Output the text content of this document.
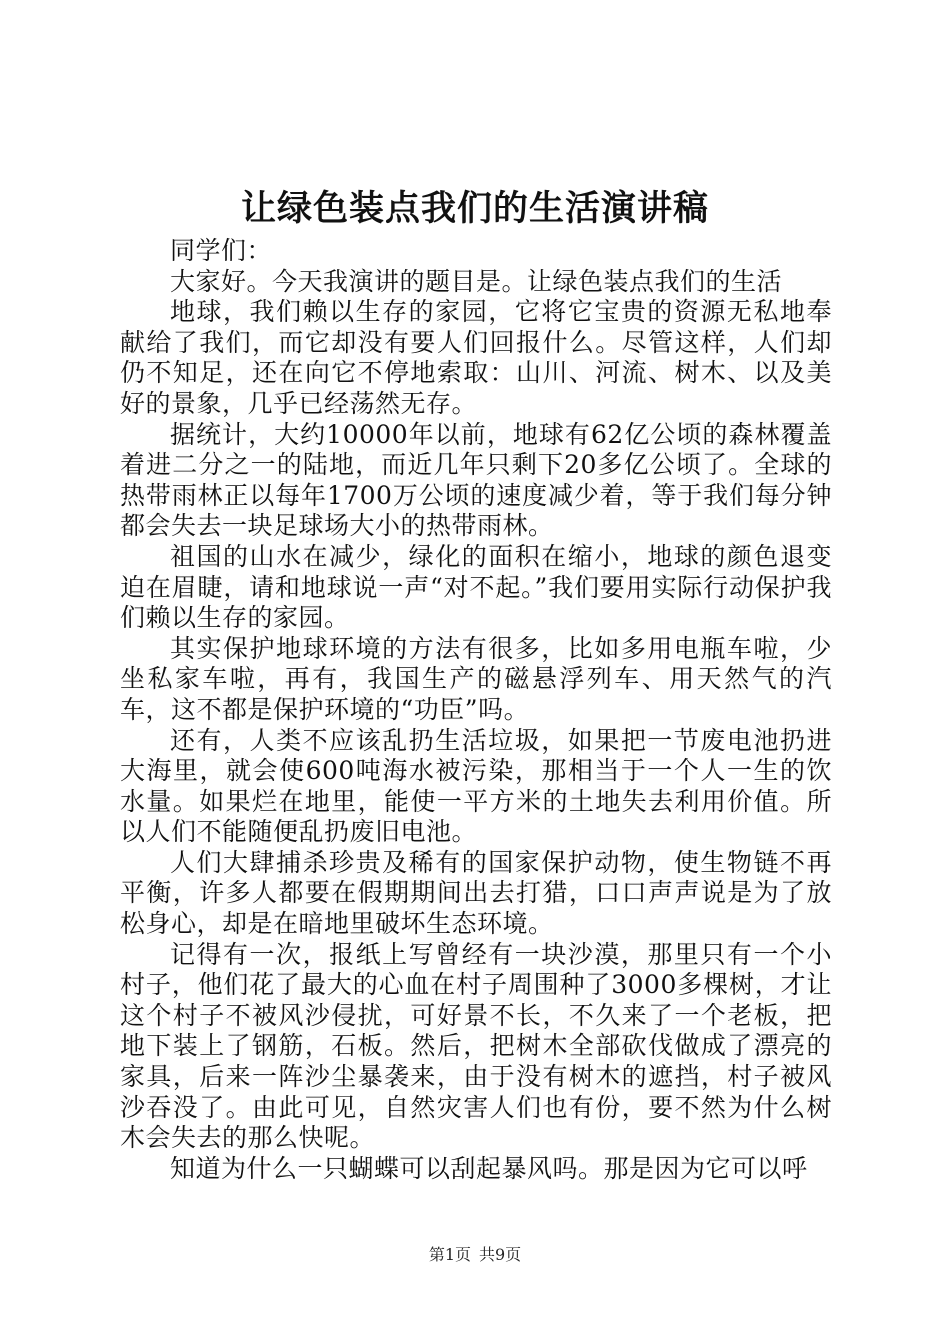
让绿色装点我们的生活演讲稿

同学们：

大家好。今天我演讲的题目是。让绿色装点我们的生活

地球，我们赖以生存的家园，它将它宝贵的资源无私地奉献给了我们，而它却没有要人们回报什么。尽管这样，人们却仍不知足，还在向它不停地索取：山川、河流、树木、以及美好的景象，几乎已经荡然无存。

据统计，大约10000年以前，地球有62亿公顷的森林覆盖着进二分之一的陆地，而近几年只剩下20多亿公顷了。全球的热带雨林正以每年1700万公顷的速度减少着，等于我们每分钟都会失去一块足球场大小的热带雨林。

祖国的山水在减少，绿化的面积在缩小，地球的颜色退变迫在眉睫，请和地球说一声“对不起。”我们要用实际行动保护我们赖以生存的家园。

其实保护地球环境的方法有很多，比如多用电瓶车啦，少坐私家车啦，再有，我国生产的磁悬浮列车、用天然气的汽车，这不都是保护环境的“功臣”吗。

还有，人类不应该乱扔生活垃圾，如果把一节废电池扔进大海里，就会使600吨海水被污染，那相当于一个人一生的饮水量。如果烂在地里，能使一平方米的土地失去利用价值。所以人们不能随便乱扔废旧电池。

人们大肆捕杀珍贵及稀有的国家保护动物，使生物链不再平衡，许多人都要在假期期间出去打猎，口口声声说是为了放松身心，却是在暗地里破坏生态环境。

记得有一次，报纸上写曾经有一块沙漠，那里只有一个小村子，他们花了最大的心血在村子周围种了3000多棵树，才让这个村子不被风沙侵扰，可好景不长，不久来了一个老板，把地下装上了钢筋，石板。然后，把树木全部砍伐做成了漂亮的家具，后来一阵沙尘暴袭来，由于没有树木的遮挡，村子被风沙吞没了。由此可见，自然灾害人们也有份，要不然为什么树木会失去的那么快呢。

知道为什么一只蝴蝶可以刮起暴风吗。那是因为它可以呼

第1页 共9页
